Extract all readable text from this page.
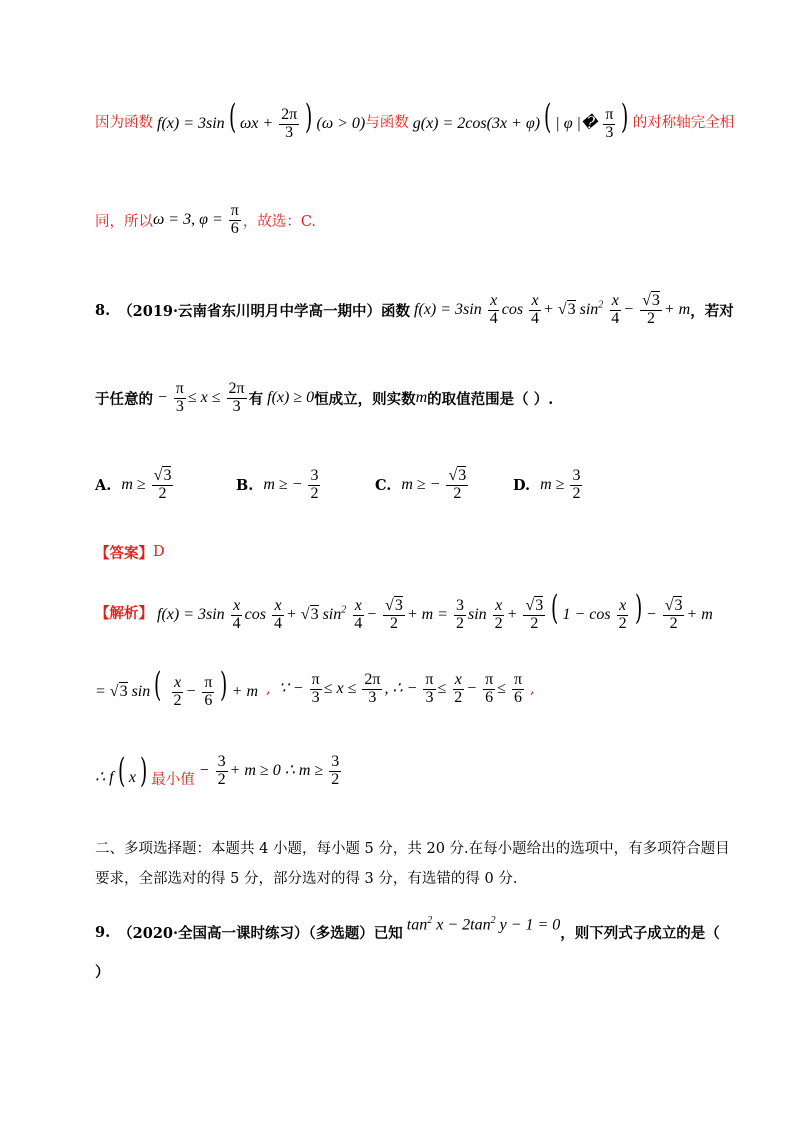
因为函数 f(x) = 3sin ( $\omega x + \frac{2\pi}{3}$ ) (ω > 0) 与函数 g(x) = 2cos(3x + φ) ( | φ |� $\frac{\pi}{3}$ ) 的对称轴完全相
同，所以 ω = 3, $\varphi = \frac{\pi}{6}$ ，故选：C.
8. （2019·云南省东川明月中学高一期中）函数 $f(x) = 3\sin \frac{x}{4}$ $\cos \frac{x}{4} + √3$ $\sin^2 \frac{x}{4} - \frac{√3}{2} + m$ ，若对
于任意的 − $\frac{\pi}{3} \le x \le \frac{2\pi}{3}$ 有 f(x) ≥ 0 恒成立，则实数 m 的取值范围是（ ）.
A. $m \ge \frac{√3}{2}$	B. m ≥ − $\frac{3}{2}$	C. m ≥ − $\frac{√3}{2}$	D. $m \ge \frac{3}{2}$
【答案】 D
【解析】 $f(x) = 3\sin \frac{x}{4}$ $\cos \frac{x}{4} + √3$ $\sin^2 \frac{x}{4} - \frac{√3}{2} + m = \frac{3}{2}$ $\sin \frac{x}{2} + \frac{√3}{2}$ ( $1 - \cos \frac{x}{2}$ ) − $\frac{√3}{2} + m$
= √3 sin ( $\frac{x}{2} - \frac{\pi}{6}$ ) + m , ∵ − $\frac{\pi}{3} \le x \le \frac{2\pi}{3}$ , ∴ − $\frac{\pi}{3} \le \frac{x}{2} - \frac{\pi}{6} \le \frac{\pi}{6}$ ,
∴ f ( x ) 最小值
− $\frac{3}{2} + m \ge 0$ ∴ $m \ge \frac{3}{2}$
二、多项选择题：本题共 4 小题，每小题 5 分，共 20 分.在每小题给出的选项中，有多项符合题目
要求，全部选对的得 5 分，部分选对的得 3 分，有选错的得 0 分.
9. （2020·全国高一课时练习）（多选题）已知 $\tan^2 x - 2\tan^2$ y − 1 = 0 ，则下列式子成立的是（
）
